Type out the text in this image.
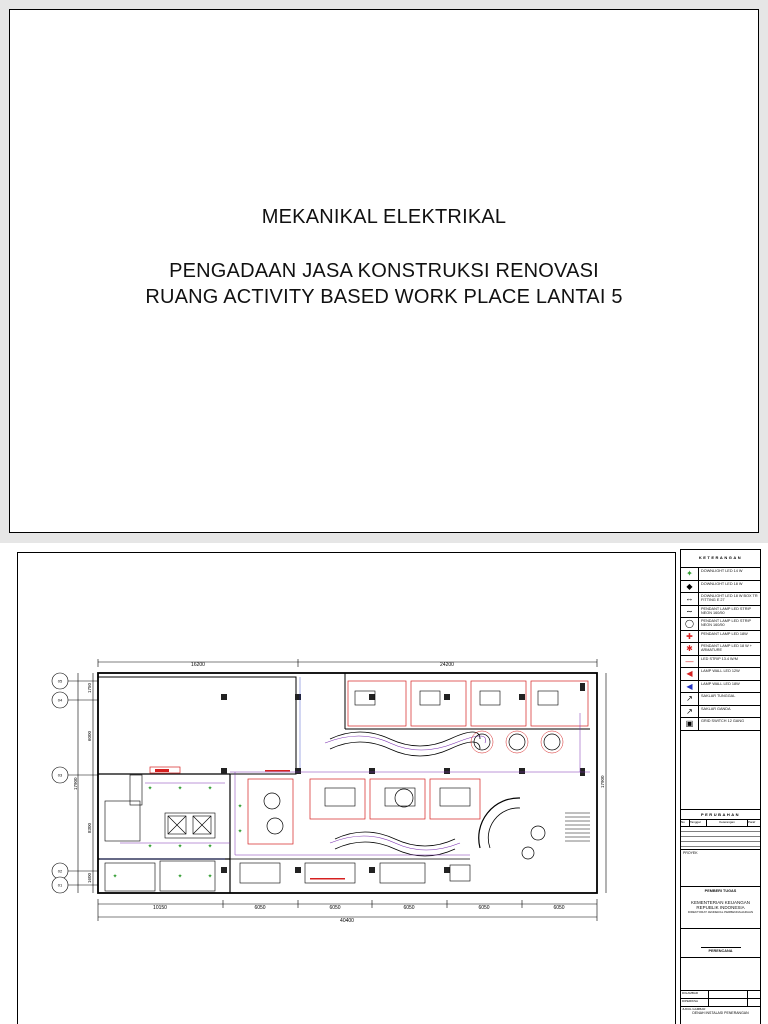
MEKANIKAL ELEKTRIKAL
PENGADAAN JASA KONSTRUKSI RENOVASI
RUANG ACTIVITY BASED WORK PLACE LANTAI 5
16200	24200
10150	6050	6050	6050	6050	6050
40400
1750
6000
17900
8300
1600
17900
05
04
03
02
01
✦	✦	✦
✦	✦	✦
✦	✦	✦
✦
✦
KETERANGAN
✦	DOWNLIGHT LED 14 W
◆	DOWNLIGHT LED 18 W
↔	DOWNLIGHT LED 18 W BOX TR FITTING E 27
∼	PENDANT LAMP LED STRIP NEON 160/50
◯	PENDANT LAMP LED STRIP NEON 160/50
✚	PENDANT LAMP LED 18W
✱	PENDANT LAMP LED 18 W + ARMATURE
—	LED STRIP 13.4 W/M
◀	LAMP WALL LED 12W
◀	LAMP WALL LED 18W
↗	SAKLAR TUNGGAL
↗	SAKLAR GANDA
▣	GRID SWITCH 12 GANG
PERUBAHAN
No	Tanggal	Keterangan	Paraf
PROYEK
PEMBERI TUGAS
KEMENTERIAN KEUANGAN
REPUBLIK INDONESIA
DIREKTORAT JENDERAL PERBENDAHARAAN
PERENCANA
DIGAMBAR
DIPERIKSA
JUDUL GAMBAR
DENAH INSTALASI PENERANGAN
